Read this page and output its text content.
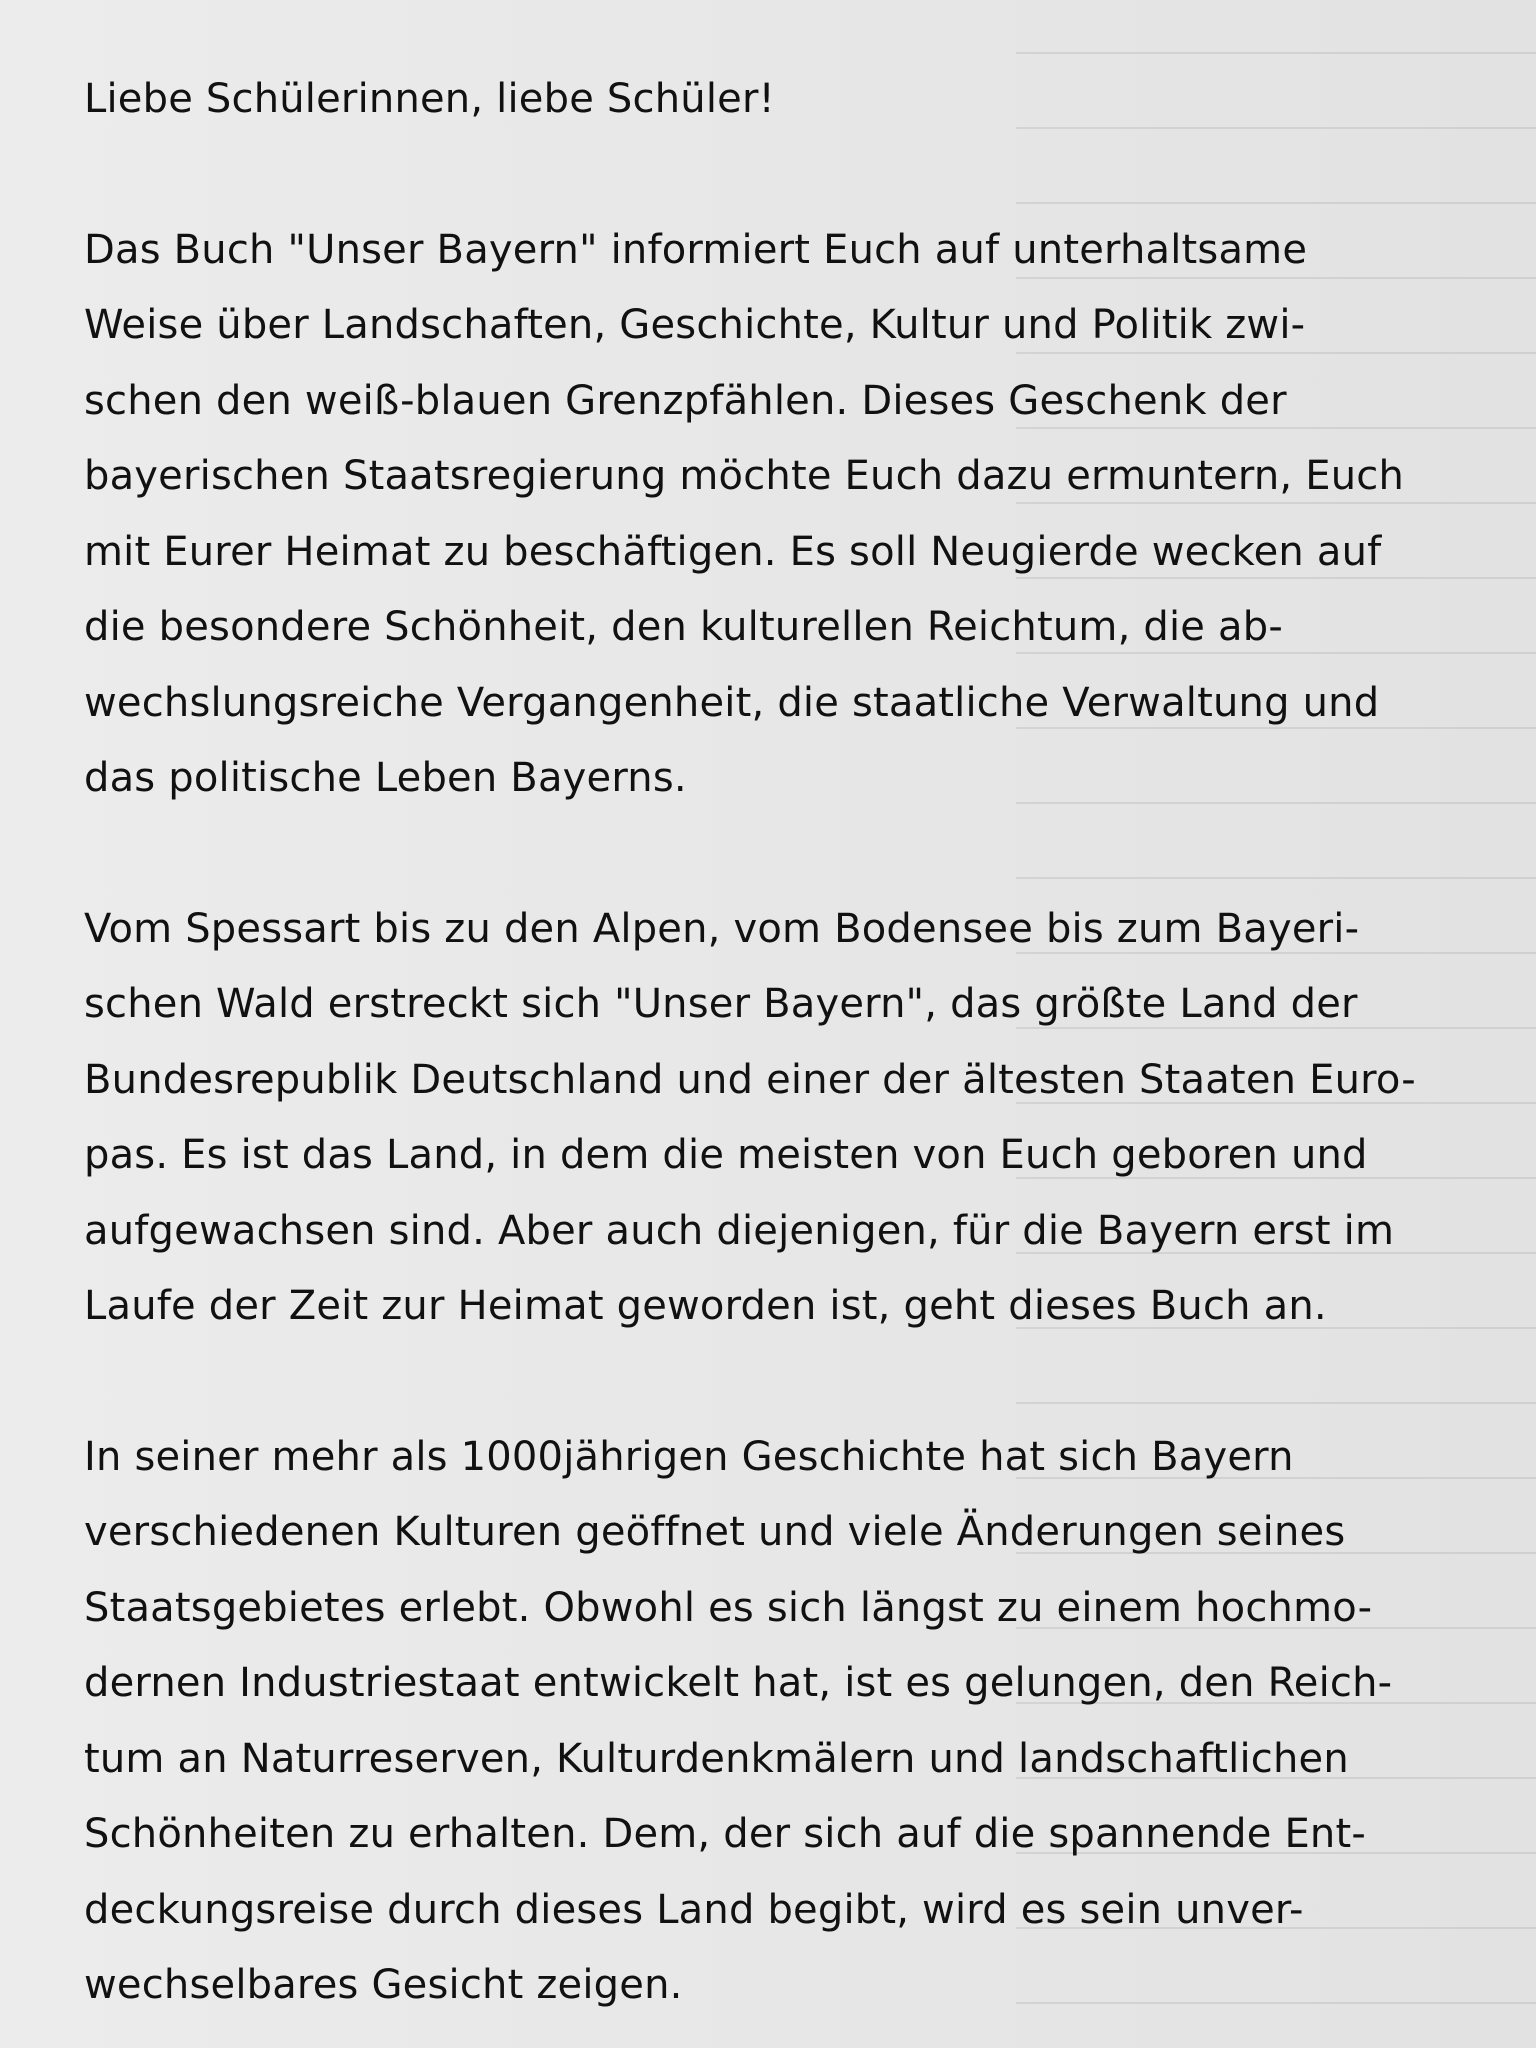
Liebe Schülerinnen, liebe Schüler!
Das Buch "Unser Bayern" informiert Euch auf unterhaltsame
Weise über Landschaften, Geschichte, Kultur und Politik zwi-
schen den weiß-blauen Grenzpfählen. Dieses Geschenk der
bayerischen Staatsregierung möchte Euch dazu ermuntern, Euch
mit Eurer Heimat zu beschäftigen. Es soll Neugierde wecken auf
die besondere Schönheit, den kulturellen Reichtum, die ab-
wechslungsreiche Vergangenheit, die staatliche Verwaltung und
das politische Leben Bayerns.
Vom Spessart bis zu den Alpen, vom Bodensee bis zum Bayeri-
schen Wald erstreckt sich "Unser Bayern", das größte Land der
Bundesrepublik Deutschland und einer der ältesten Staaten Euro-
pas. Es ist das Land, in dem die meisten von Euch geboren und
aufgewachsen sind. Aber auch diejenigen, für die Bayern erst im
Laufe der Zeit zur Heimat geworden ist, geht dieses Buch an.
In seiner mehr als 1000jährigen Geschichte hat sich Bayern
verschiedenen Kulturen geöffnet und viele Änderungen seines
Staatsgebietes erlebt. Obwohl es sich längst zu einem hochmo-
dernen Industriestaat entwickelt hat, ist es gelungen, den Reich-
tum an Naturreserven, Kulturdenkmälern und landschaftlichen
Schönheiten zu erhalten. Dem, der sich auf die spannende Ent-
deckungsreise durch dieses Land begibt, wird es sein unver-
wechselbares Gesicht zeigen.
